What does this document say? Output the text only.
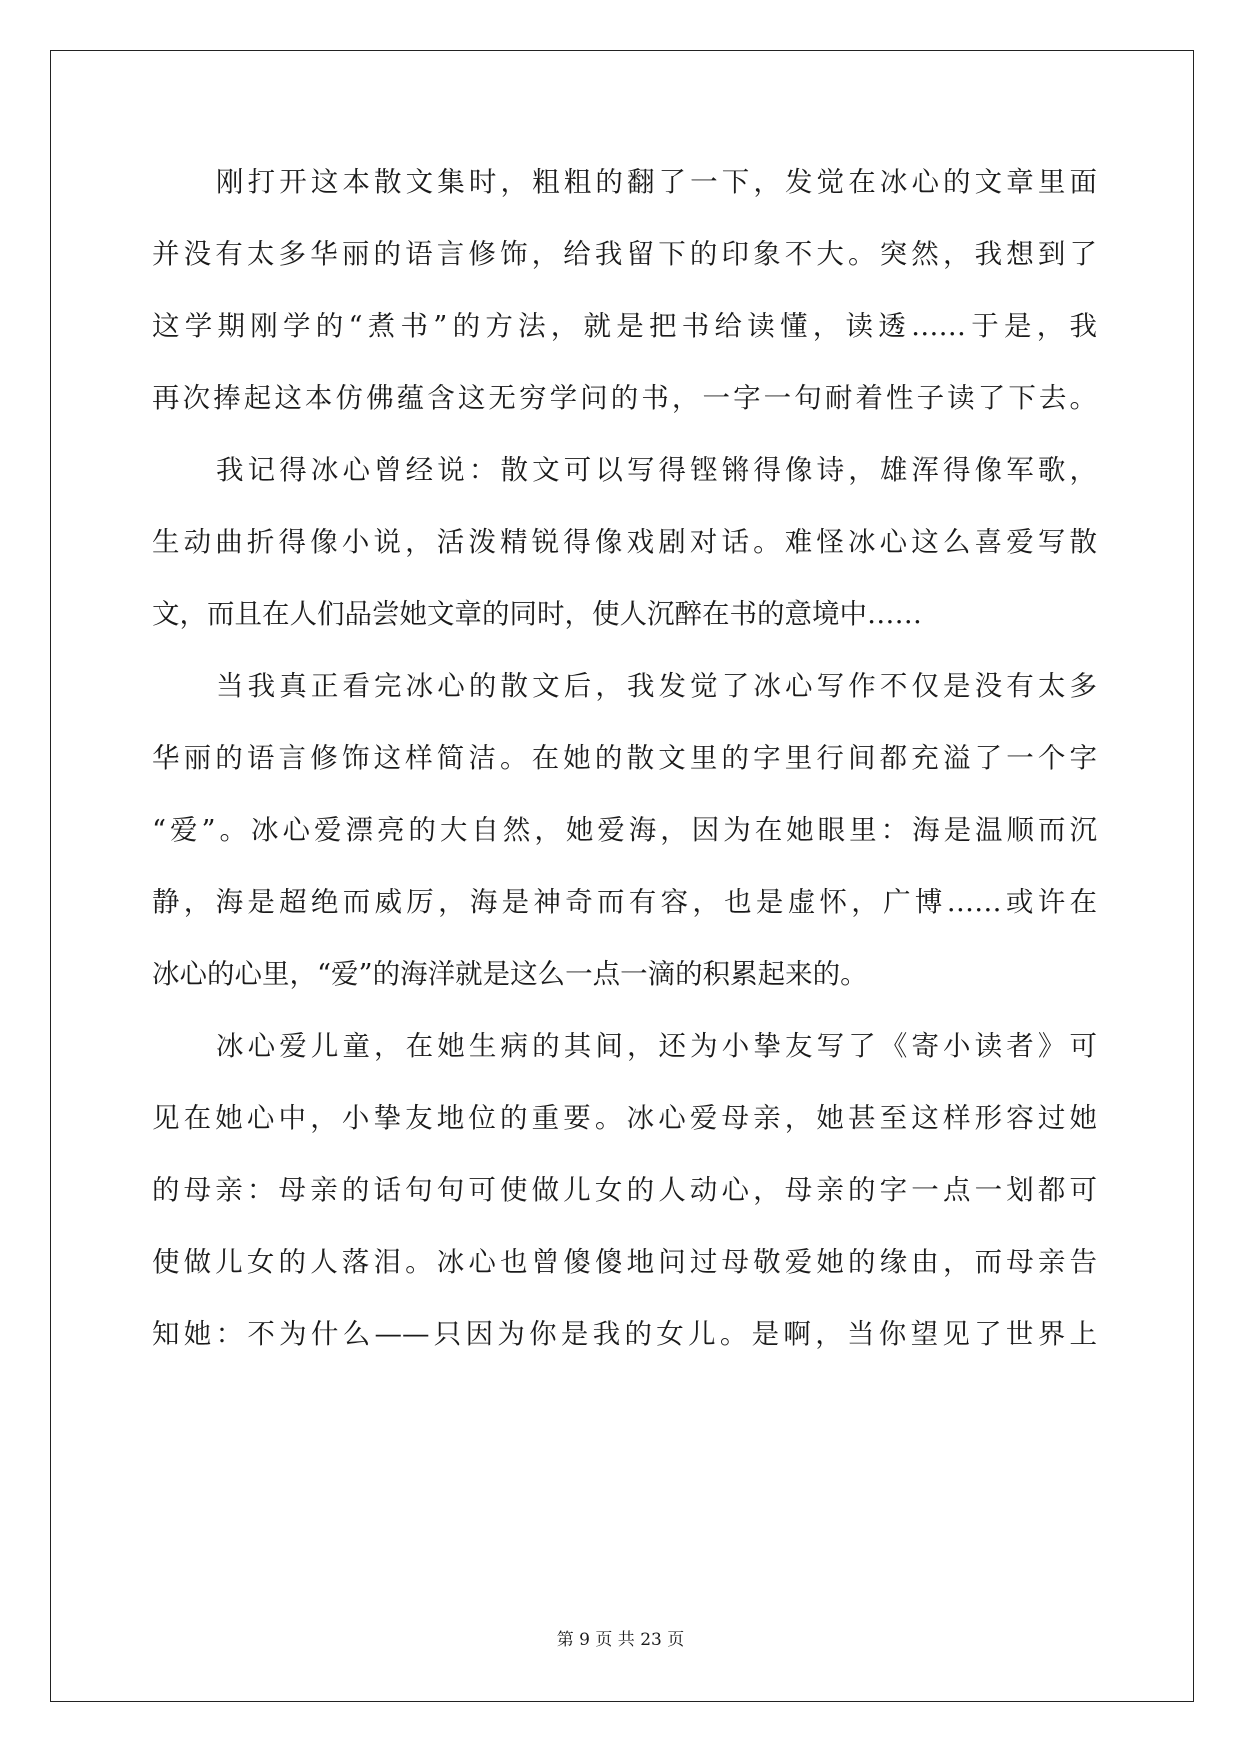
刚打开这本散文集时，粗粗的翻了一下，发觉在冰心的文章里面
并没有太多华丽的语言修饰，给我留下的印象不大。突然，我想到了
这学期刚学的“煮书”的方法，就是把书给读懂，读透……于是，我
再次捧起这本仿佛蕴含这无穷学问的书，一字一句耐着性子读了下去。
我记得冰心曾经说：散文可以写得铿锵得像诗，雄浑得像军歌，
生动曲折得像小说，活泼精锐得像戏剧对话。难怪冰心这么喜爱写散
文，而且在人们品尝她文章的同时，使人沉醉在书的意境中……
当我真正看完冰心的散文后，我发觉了冰心写作不仅是没有太多
华丽的语言修饰这样简洁。在她的散文里的字里行间都充溢了一个字
“爱”。冰心爱漂亮的大自然，她爱海，因为在她眼里：海是温顺而沉
静，海是超绝而威厉，海是神奇而有容，也是虚怀，广博……或许在
冰心的心里，“爱”的海洋就是这么一点一滴的积累起来的。
冰心爱儿童，在她生病的其间，还为小挚友写了《寄小读者》可
见在她心中，小挚友地位的重要。冰心爱母亲，她甚至这样形容过她
的母亲：母亲的话句句可使做儿女的人动心，母亲的字一点一划都可
使做儿女的人落泪。冰心也曾傻傻地问过母敬爱她的缘由，而母亲告
知她：不为什么——只因为你是我的女儿。是啊，当你望见了世界上
第 9 页 共 23 页
